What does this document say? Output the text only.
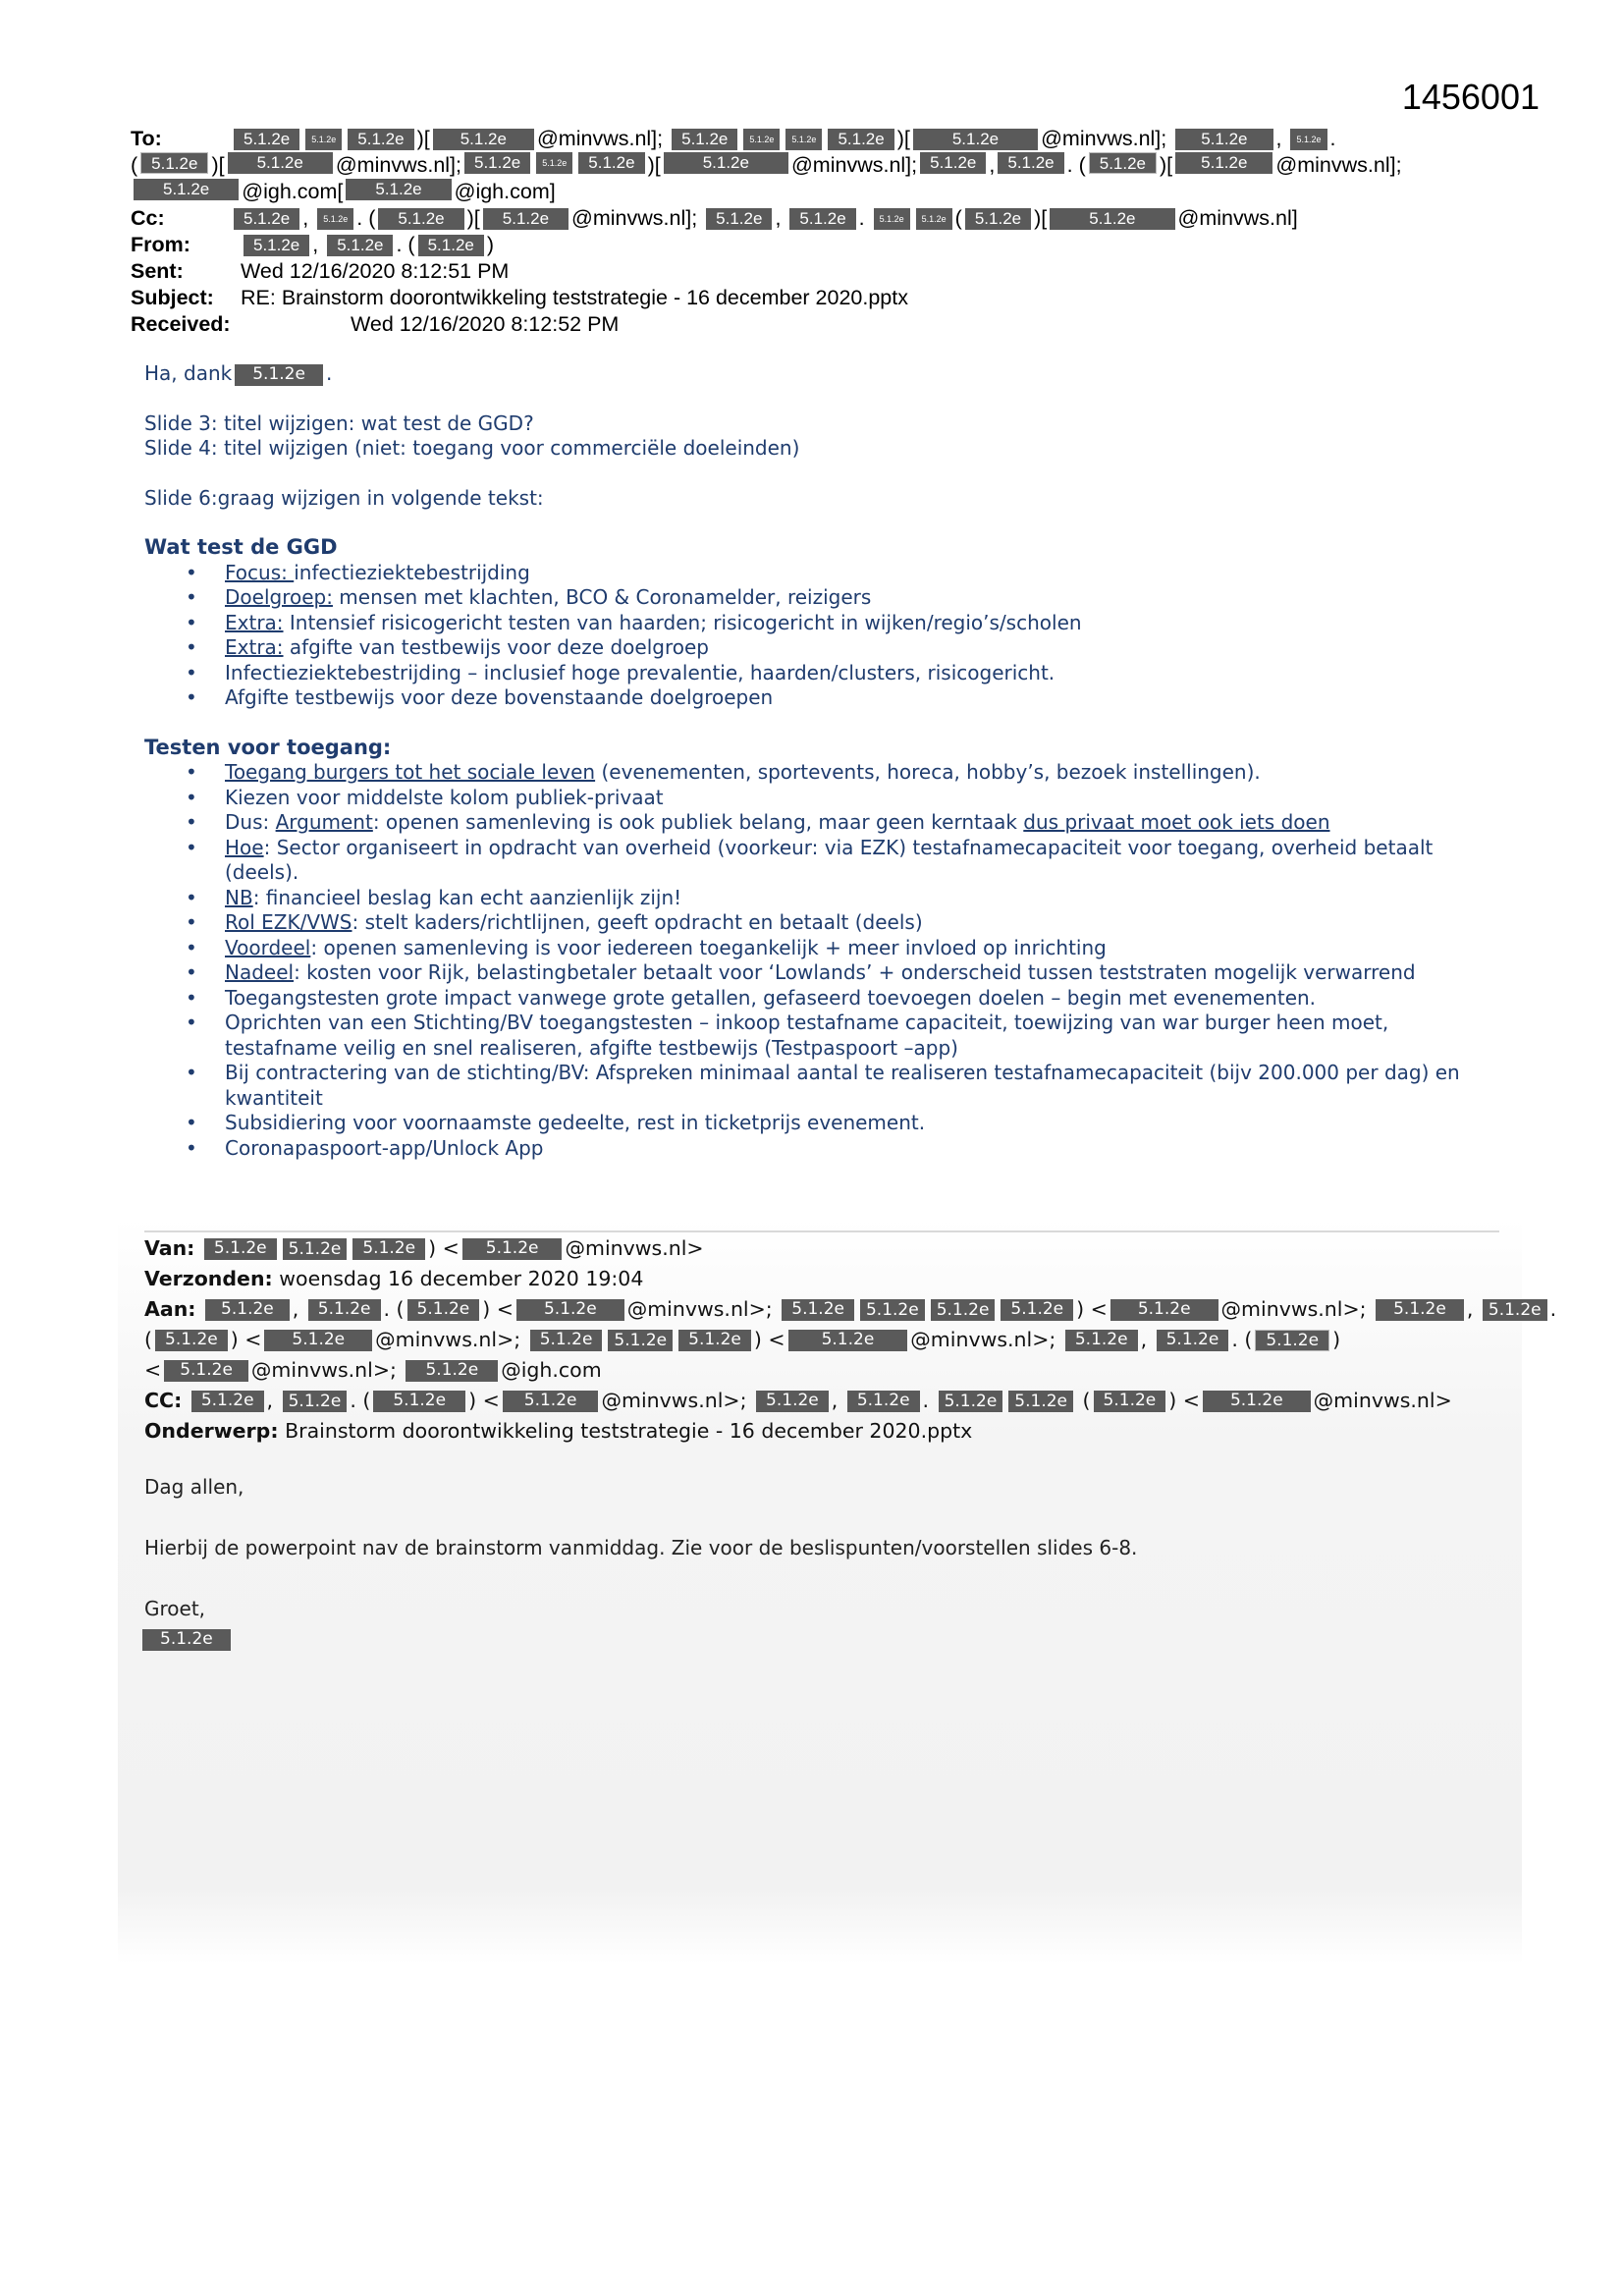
1456001
To:	5.1.2e 5.1.2e 5.1.2e )[ 5.1.2e @minvws.nl]; 5.1.2e 5.1.2e 5.1.2e 5.1.2e )[	5.1.2e @minvws.nl]; 5.1.2e , 5.1.2e .
( 5.1.2e )[	5.1.2e	@minvws.nl]; 5.1.2e	5.1.2e	5.1.2e )[	5.1.2e	@minvws.nl]; 5.1.2e , 5.1.2e . ( 5.1.2e )[	5.1.2e	@minvws.nl];
5.1.2e	@igh.com[	5.1.2e	@igh.com]
Cc:	5.1.2e , 5.1.2e . ( 5.1.2e )[ 5.1.2e @minvws.nl]; 5.1.2e , 5.1.2e . 5.1.2e 5.1.2e ( 5.1.2e )[	5.1.2e @minvws.nl]
From:	5.1.2e , 5.1.2e . ( 5.1.2e )
Sent:	Wed 12/16/2020 8:12:51 PM
Subject:	RE: Brainstorm doorontwikkeling teststrategie - 16 december 2020.pptx
Received:	Wed 12/16/2020 8:12:52 PM

Ha, dank 5.1.2e .

Slide 3: titel wijzigen: wat test de GGD?

Slide 4: titel wijzigen (niet: toegang voor commerciële doeleinden)

Slide 6:graag wijzigen in volgende tekst:

Wat test de GGD

• Focus: infectieziektebestrijding
• Doelgroep: mensen met klachten, BCO & Coronamelder, reizigers
• Extra: Intensief risicogericht testen van haarden; risicogericht in wijken/regio’s/scholen
• Extra: afgifte van testbewijs voor deze doelgroep
• Infectieziektebestrijding – inclusief hoge prevalentie, haarden/clusters, risicogericht.
• Afgifte testbewijs voor deze bovenstaande doelgroepen

Testen voor toegang:

• Toegang burgers tot het sociale leven (evenementen, sportevents, horeca, hobby’s, bezoek instellingen).
• Kiezen voor middelste kolom publiek-privaat
• Dus: Argument: openen samenleving is ook publiek belang, maar geen kerntaak dus privaat moet ook iets doen
• Hoe: Sector organiseert in opdracht van overheid (voorkeur: via EZK) testafnamecapaciteit voor toegang, overheid betaalt (deels).
• NB: financieel beslag kan echt aanzienlijk zijn!
• Rol EZK/VWS: stelt kaders/richtlijnen, geeft opdracht en betaalt (deels)
• Voordeel: openen samenleving is voor iedereen toegankelijk + meer invloed op inrichting
• Nadeel: kosten voor Rijk, belastingbetaler betaalt voor ‘Lowlands’ + onderscheid tussen teststraten mogelijk verwarrend
• Toegangstesten grote impact vanwege grote getallen, gefaseerd toevoegen doelen – begin met evenementen.
• Oprichten van een Stichting/BV toegangstesten – inkoop testafname capaciteit, toewijzing van war burger heen moet, testafname veilig en snel realiseren, afgifte testbewijs (Testpaspoort –app)
• Bij contractering van de stichting/BV: Afspreken minimaal aantal te realiseren testafnamecapaciteit (bijv 200.000 per dag) en kwantiteit
• Subsidiering voor voornaamste gedeelte, rest in ticketprijs evenement.
• Coronapaspoort-app/Unlock App
Van: 5.1.2e 5.1.2e 5.1.2e ) < 5.1.2e @minvws.nl>
Verzonden: woensdag 16 december 2020 19:04
Aan: 5.1.2e , 5.1.2e . ( 5.1.2e ) < 5.1.2e @minvws.nl>; 5.1.2e 5.1.2e 5.1.2e 5.1.2e ) < 5.1.2e @minvws.nl>; 5.1.2e , 5.1.2e .
( 5.1.2e ) < 5.1.2e @minvws.nl>; 5.1.2e 5.1.2e 5.1.2e ) < 5.1.2e @minvws.nl>; 5.1.2e , 5.1.2e . ( 5.1.2e )
< 5.1.2e @minvws.nl>; 5.1.2e @igh.com
CC: 5.1.2e , 5.1.2e . ( 5.1.2e ) < 5.1.2e @minvws.nl>; 5.1.2e , 5.1.2e . 5.1.2e 5.1.2e ( 5.1.2e ) < 5.1.2e @minvws.nl>
Onderwerp: Brainstorm doorontwikkeling teststrategie - 16 december 2020.pptx

Dag allen,

Hierbij de powerpoint nav de brainstorm vanmiddag. Zie voor de beslispunten/voorstellen slides 6-8.

Groet,

5.1.2e
